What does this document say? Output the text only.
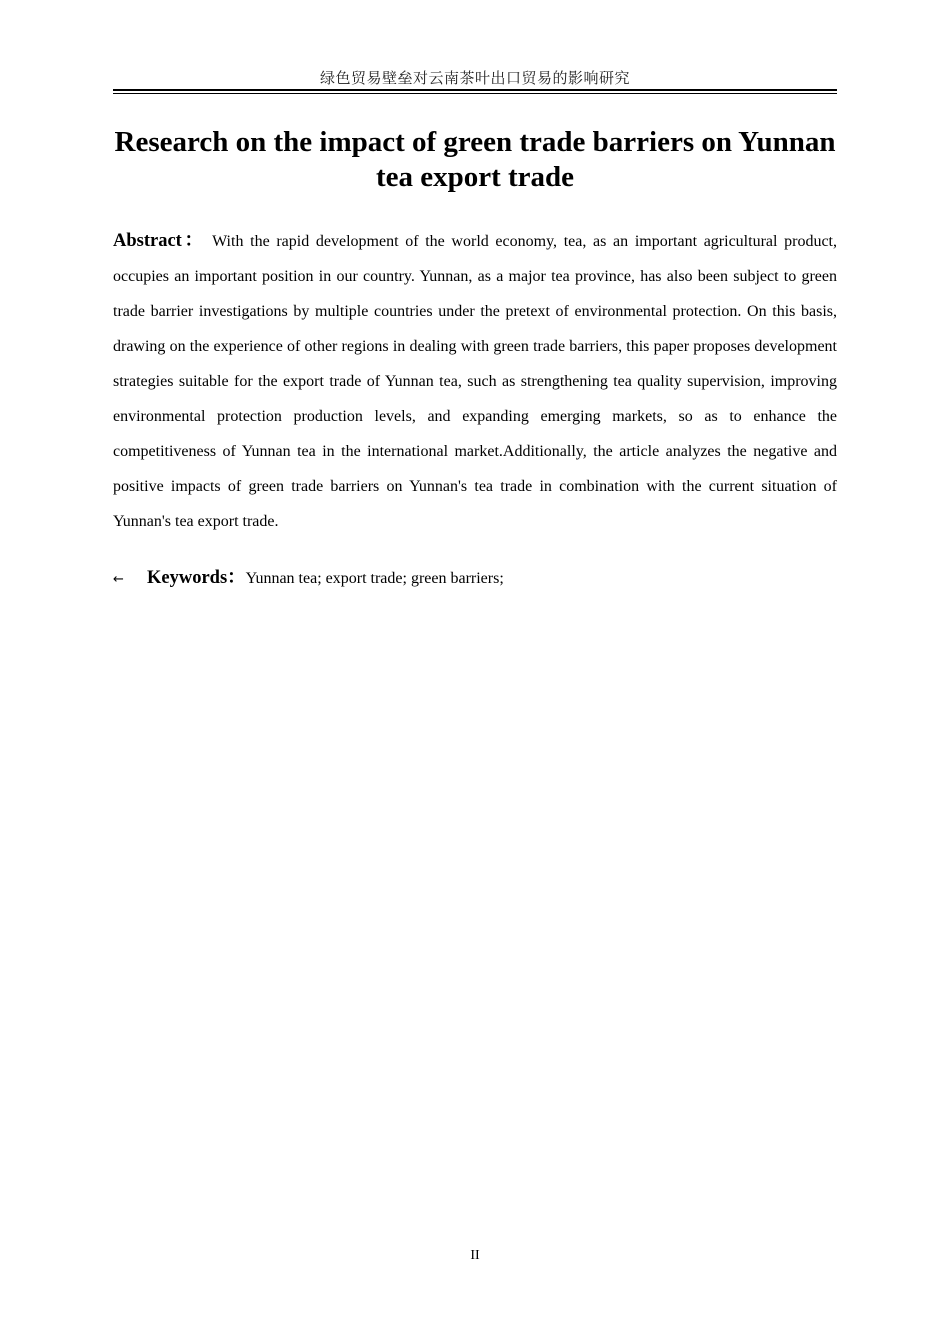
绿色贸易壁垒对云南茶叶出口贸易的影响研究
Research on the impact of green trade barriers on Yunnan tea export trade

Abstract： With the rapid development of the world economy, tea, as an important agricultural product, occupies an important position in our country. Yunnan, as a major tea province, has also been subject to green trade barrier investigations by multiple countries under the pretext of environmental protection. On this basis, drawing on the experience of other regions in dealing with green trade barriers, this paper proposes development strategies suitable for the export trade of Yunnan tea, such as strengthening tea quality supervision, improving environmental protection production levels, and expanding emerging markets, so as to enhance the competitiveness of Yunnan tea in the international market.Additionally, the article analyzes the negative and positive impacts of green trade barriers on Yunnan's tea trade in combination with the current situation of Yunnan's tea export trade.

← Keywords：Yunnan tea; export trade; green barriers;

II
